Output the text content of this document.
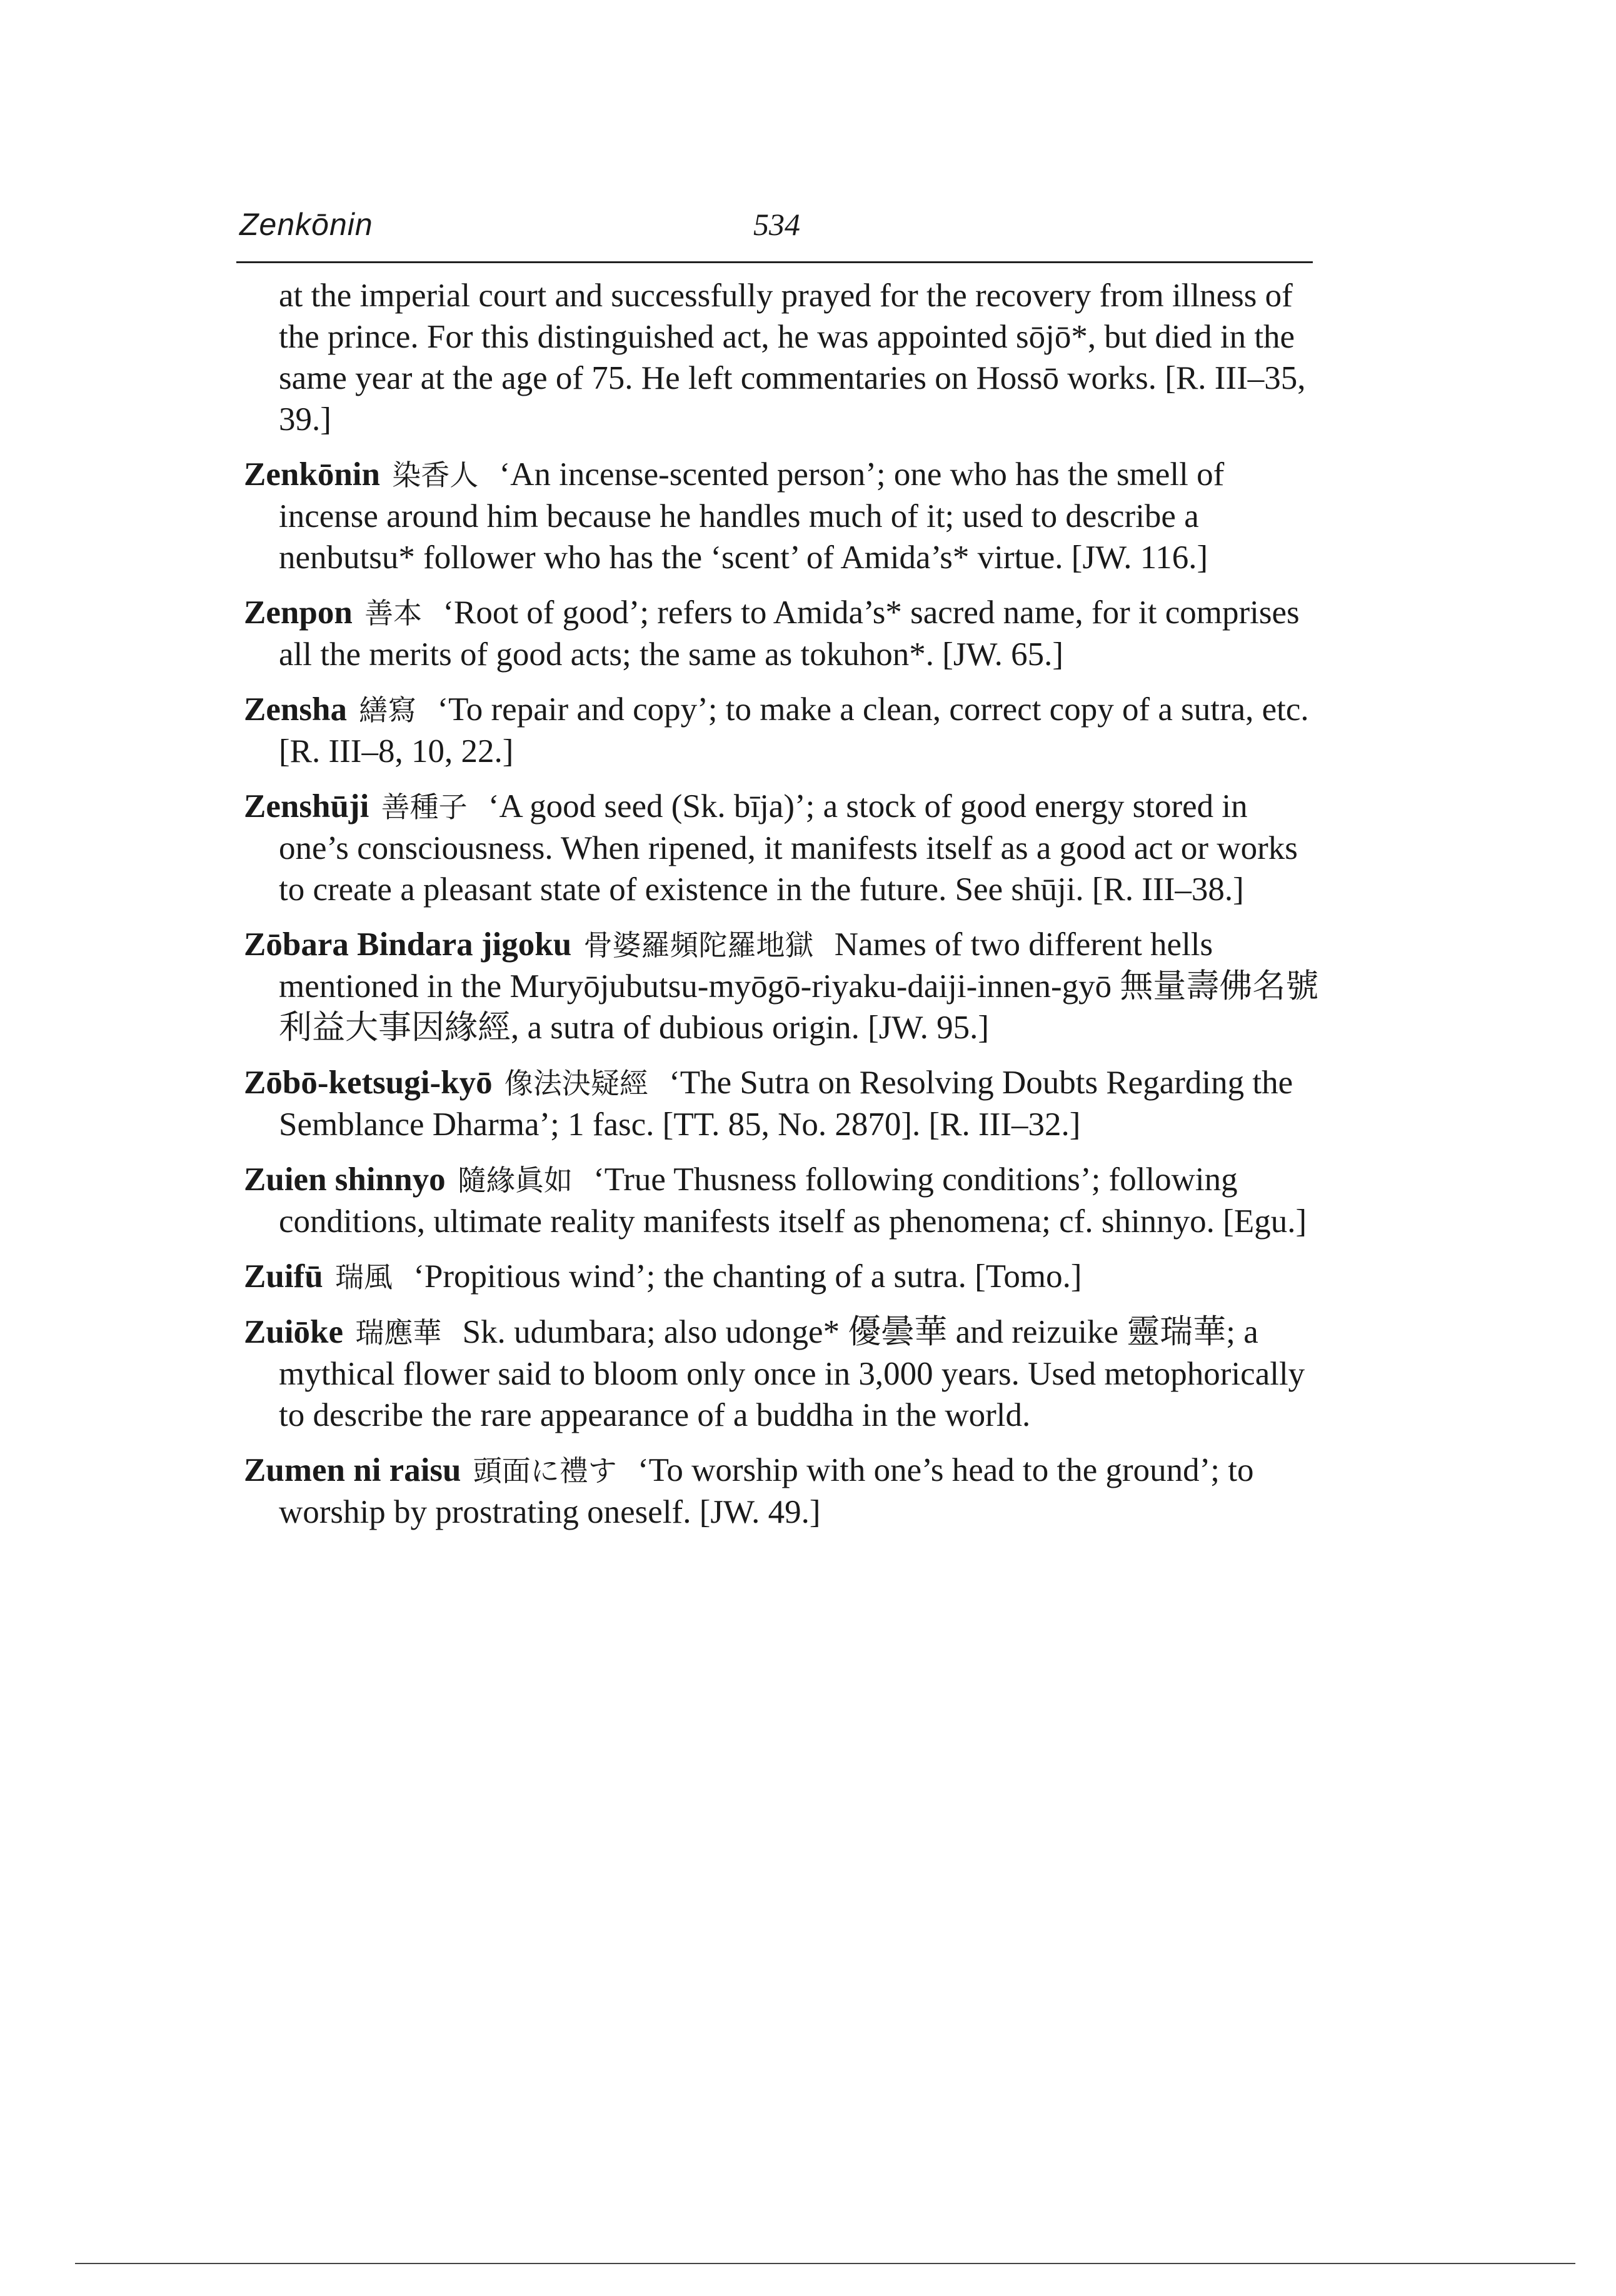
Zenkōnin	534

at the imperial court and successfully prayed for the recovery from illness of the prince. For this distinguished act, he was appointed sōjō*, but died in the same year at the age of 75. He left commentaries on Hossō works. [R. III–35, 39.]

Zenkōnin 染香人 ‘An incense-scented person’; one who has the smell of incense around him because he handles much of it; used to describe a nenbutsu* follower who has the ‘scent’ of Amida’s* virtue. [JW. 116.]

Zenpon 善本 ‘Root of good’; refers to Amida’s* sacred name, for it comprises all the merits of good acts; the same as tokuhon*. [JW. 65.]

Zensha 繕寫 ‘To repair and copy’; to make a clean, correct copy of a sutra, etc. [R. III–8, 10, 22.]

Zenshūji 善種子 ‘A good seed (Sk. bīja)’; a stock of good energy stored in one’s consciousness. When ripened, it manifests itself as a good act or works to create a pleasant state of existence in the future. See shūji. [R. III–38.]

Zōbara Bindara jigoku 骨婆羅頻陀羅地獄 Names of two different hells mentioned in the Muryōjubutsu-myōgō-riyaku-daiji-innen-gyō 無量壽佛名號利益大事因緣經, a sutra of dubious origin. [JW. 95.]

Zōbō-ketsugi-kyō 像法決疑經 ‘The Sutra on Resolving Doubts Regarding the Semblance Dharma’; 1 fasc. [TT. 85, No. 2870]. [R. III–32.]

Zuien shinnyo 隨緣眞如 ‘True Thusness following conditions’; following conditions, ultimate reality manifests itself as phenomena; cf. shinnyo. [Egu.]

Zuifū 瑞風 ‘Propitious wind’; the chanting of a sutra. [Tomo.]

Zuiōke 瑞應華 Sk. udumbara; also udonge* 優曇華 and reizuike 靈瑞華; a mythical flower said to bloom only once in 3,000 years. Used metophorically to describe the rare appearance of a buddha in the world.

Zumen ni raisu 頭面に禮す ‘To worship with one’s head to the ground’; to worship by prostrating oneself. [JW. 49.]
